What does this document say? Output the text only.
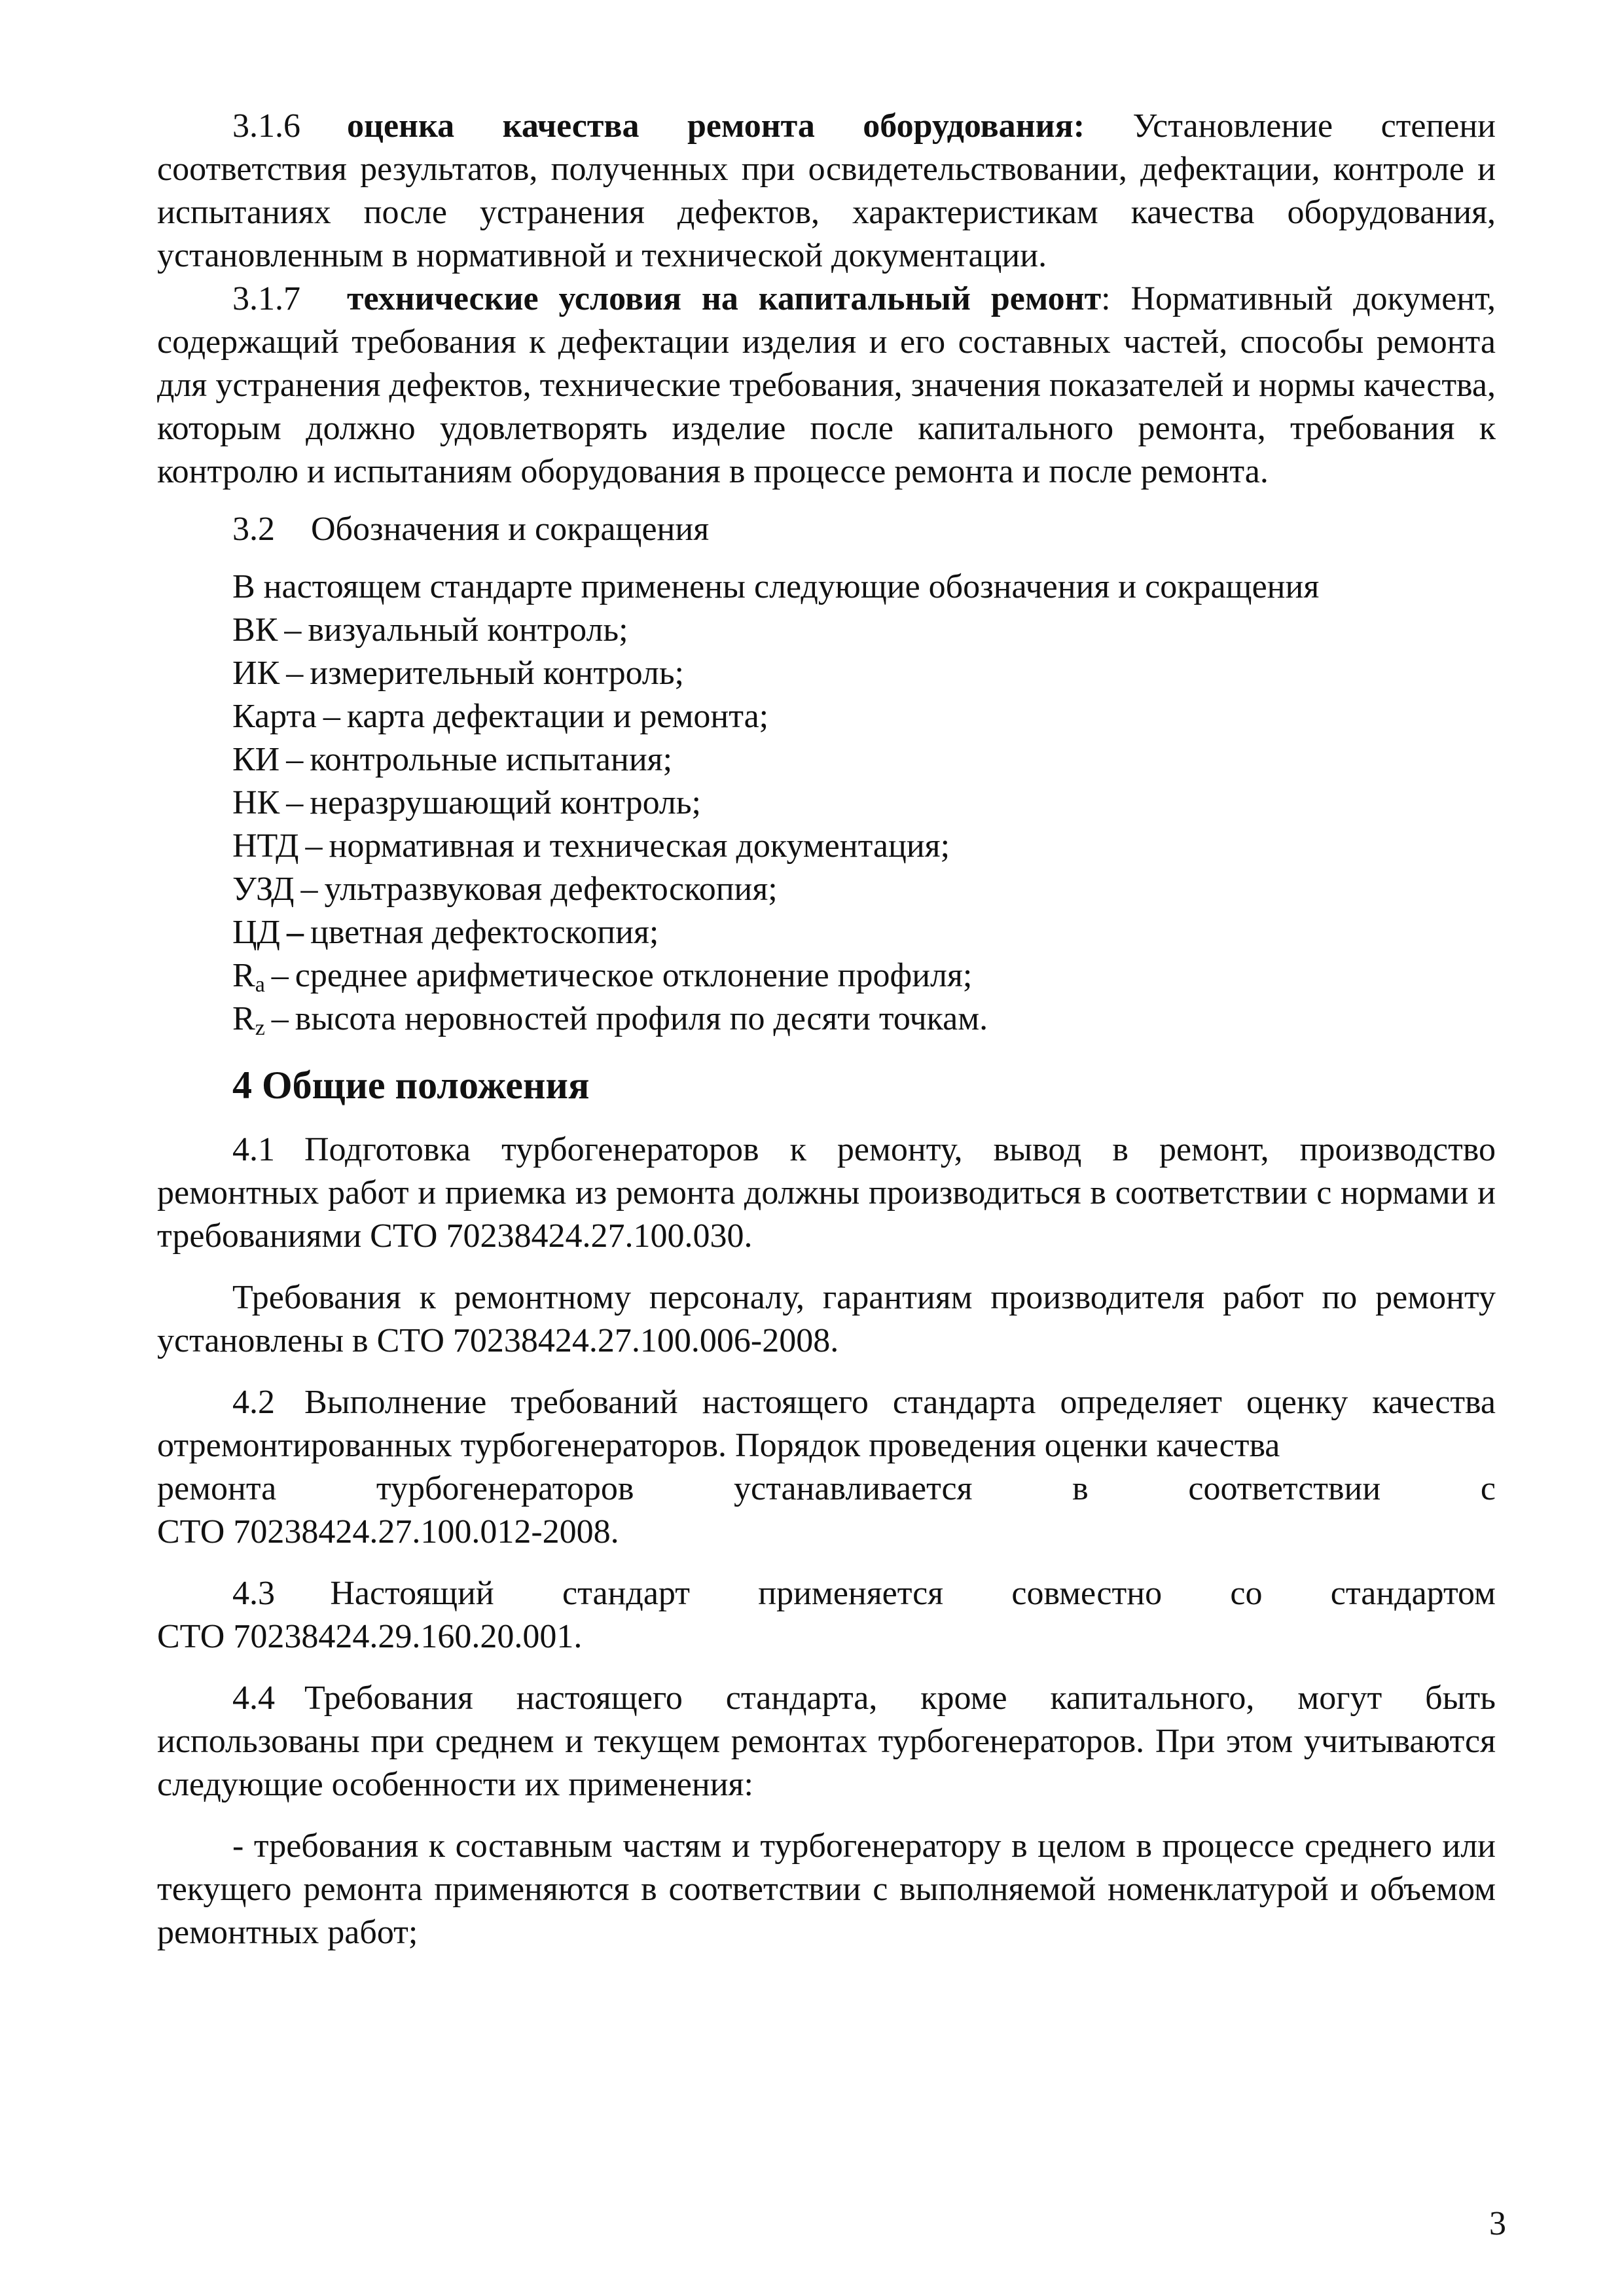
3.1.6 оценка качества ремонта оборудования: Установление степени соответствия результатов, полученных при освидетельствовании, дефектации, контроле и испытаниях после устранения дефектов, характеристикам качества оборудования, установленным в нормативной и технической документации.

3.1.7 технические условия на капитальный ремонт: Нормативный документ, содержащий требования к дефектации изделия и его составных частей, способы ремонта для устранения дефектов, технические требования, значения показателей и нормы качества, которым должно удовлетворять изделие после капитального ремонта, требования к контролю и испытаниям оборудования в процессе ремонта и после ремонта.

3.2 Обозначения и сокращения

В настоящем стандарте применены следующие обозначения и сокращения

ВК – визуальный контроль;

ИК – измерительный контроль;

Карта – карта дефектации и ремонта;

КИ – контрольные испытания;

НК – неразрушающий контроль;

НТД – нормативная и техническая документация;

УЗД – ультразвуковая дефектоскопия;

ЦД – цветная дефектоскопия;

$R_a$ – среднее арифметическое отклонение профиля;

$R_z$ – высота неровностей профиля по десяти точкам.

4 Общие положения

4.1 Подготовка турбогенераторов к ремонту, вывод в ремонт, производство ремонтных работ и приемка из ремонта должны производиться в соответствии с нормами и требованиями СТО 70238424.27.100.030.

Требования к ремонтному персоналу, гарантиям производителя работ по ремонту установлены в СТО 70238424.27.100.006-2008.

4.2 Выполнение требований настоящего стандарта определяет оценку качества отремонтированных турбогенераторов. Порядок проведения оценки качества

ремонта	турбогенераторов	устанавливается	в	соответствии	с

СТО 70238424.27.100.012-2008.

4.3 Настоящий стандарт применяется совместно со стандартом

СТО 70238424.29.160.20.001.

4.4 Требования настоящего стандарта, кроме капитального, могут быть использованы при среднем и текущем ремонтах турбогенераторов. При этом учитываются следующие особенности их применения:

- требования к составным частям и турбогенератору в целом в процессе среднего или текущего ремонта применяются в соответствии с выполняемой номенклатурой и объемом ремонтных работ;

3
